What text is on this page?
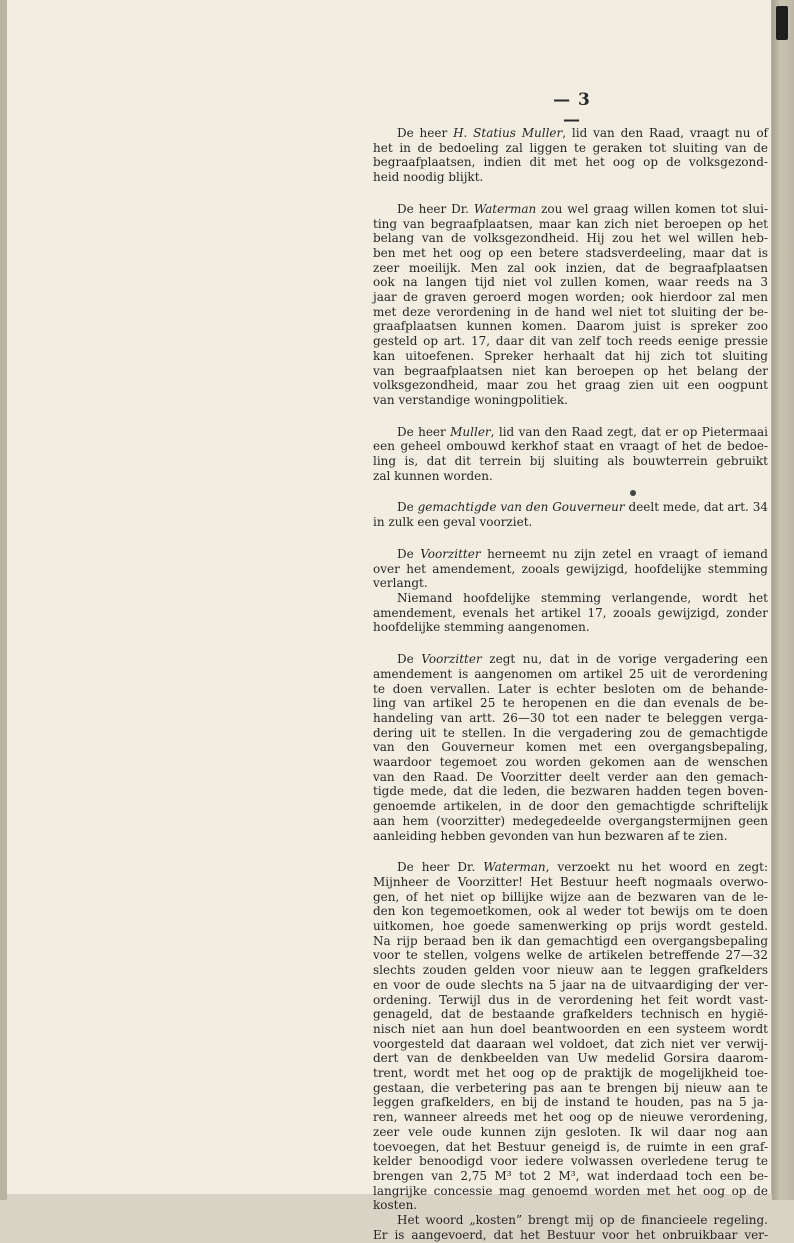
— 3 —
De heer H. Statius Muller, lid van den Raad, vraagt nu of
het in de bedoeling zal liggen te geraken tot sluiting van de
begraafplaatsen, indien dit met het oog op de volksgezond-
heid noodig blijkt.
De heer Dr. Waterman zou wel graag willen komen tot slui-
ting van begraafplaatsen, maar kan zich niet beroepen op het
belang van de volksgezondheid. Hij zou het wel willen heb-
ben met het oog op een betere stadsverdeeling, maar dat is
zeer moeilijk. Men zal ook inzien, dat de begraafplaatsen
ook na langen tijd niet vol zullen komen, waar reeds na 3
jaar de graven geroerd mogen worden; ook hierdoor zal men
met deze verordening in de hand wel niet tot sluiting der be-
graafplaatsen kunnen komen. Daarom juist is spreker zoo
gesteld op art. 17, daar dit van zelf toch reeds eenige pressie
kan uitoefenen. Spreker herhaalt dat hij zich tot sluiting
van begraafplaatsen niet kan beroepen op het belang der
volksgezondheid, maar zou het graag zien uit een oogpunt
van verstandige woningpolitiek.
De heer Muller, lid van den Raad zegt, dat er op Pietermaai
een geheel ombouwd kerkhof staat en vraagt of het de bedoe-
ling is, dat dit terrein bij sluiting als bouwterrein gebruikt
zal kunnen worden.
De gemachtigde van den Gouverneur deelt mede, dat art. 34
in zulk een geval voorziet.
De Voorzitter herneemt nu zijn zetel en vraagt of iemand
over het amendement, zooals gewijzigd, hoofdelijke stemming
verlangt.
Niemand hoofdelijke stemming verlangende, wordt het
amendement, evenals het artikel 17, zooals gewijzigd, zonder
hoofdelijke stemming aangenomen.
De Voorzitter zegt nu, dat in de vorige vergadering een
amendement is aangenomen om artikel 25 uit de verordening
te doen vervallen. Later is echter besloten om de behande-
ling van artikel 25 te heropenen en die dan evenals de be-
handeling van artt. 26—30 tot een nader te beleggen verga-
dering uit te stellen. In die vergadering zou de gemachtigde
van den Gouverneur komen met een overgangsbepaling,
waardoor tegemoet zou worden gekomen aan de wenschen
van den Raad. De Voorzitter deelt verder aan den gemach-
tigde mede, dat die leden, die bezwaren hadden tegen boven-
genoemde artikelen, in de door den gemachtigde schriftelijk
aan hem (voorzitter) medegedeelde overgangstermijnen geen
aanleiding hebben gevonden van hun bezwaren af te zien.
De heer Dr. Waterman, verzoekt nu het woord en zegt:
Mijnheer de Voorzitter! Het Bestuur heeft nogmaals overwo-
gen, of het niet op billijke wijze aan de bezwaren van de le-
den kon tegemoetkomen, ook al weder tot bewijs om te doen
uitkomen, hoe goede samenwerking op prijs wordt gesteld.
Na rijp beraad ben ik dan gemachtigd een overgangsbepaling
voor te stellen, volgens welke de artikelen betreffende 27—32
slechts zouden gelden voor nieuw aan te leggen grafkelders
en voor de oude slechts na 5 jaar na de uitvaardiging der ver-
ordening. Terwijl dus in de verordening het feit wordt vast-
genageld, dat de bestaande grafkelders technisch en hygië-
nisch niet aan hun doel beantwoorden en een systeem wordt
voorgesteld dat daaraan wel voldoet, dat zich niet ver verwij-
dert van de denkbeelden van Uw medelid Gorsira daarom-
trent, wordt met het oog op de praktijk de mogelijkheid toe-
gestaan, die verbetering pas aan te brengen bij nieuw aan te
leggen grafkelders, en bij de instand te houden, pas na 5 ja-
ren, wanneer alreeds met het oog op de nieuwe verordening,
zeer vele oude kunnen zijn gesloten. Ik wil daar nog aan
toevoegen, dat het Bestuur geneigd is, de ruimte in een graf-
kelder benoodigd voor iedere volwassen overledene terug te
brengen van 2,75 M³ tot 2 M³, wat inderdaad toch een be-
langrijke concessie mag genoemd worden met het oog op de
kosten.
Het woord „kosten” brengt mij op de financieele regeling.
Er is aangevoerd, dat het Bestuur voor het onbruikbaar ver-
